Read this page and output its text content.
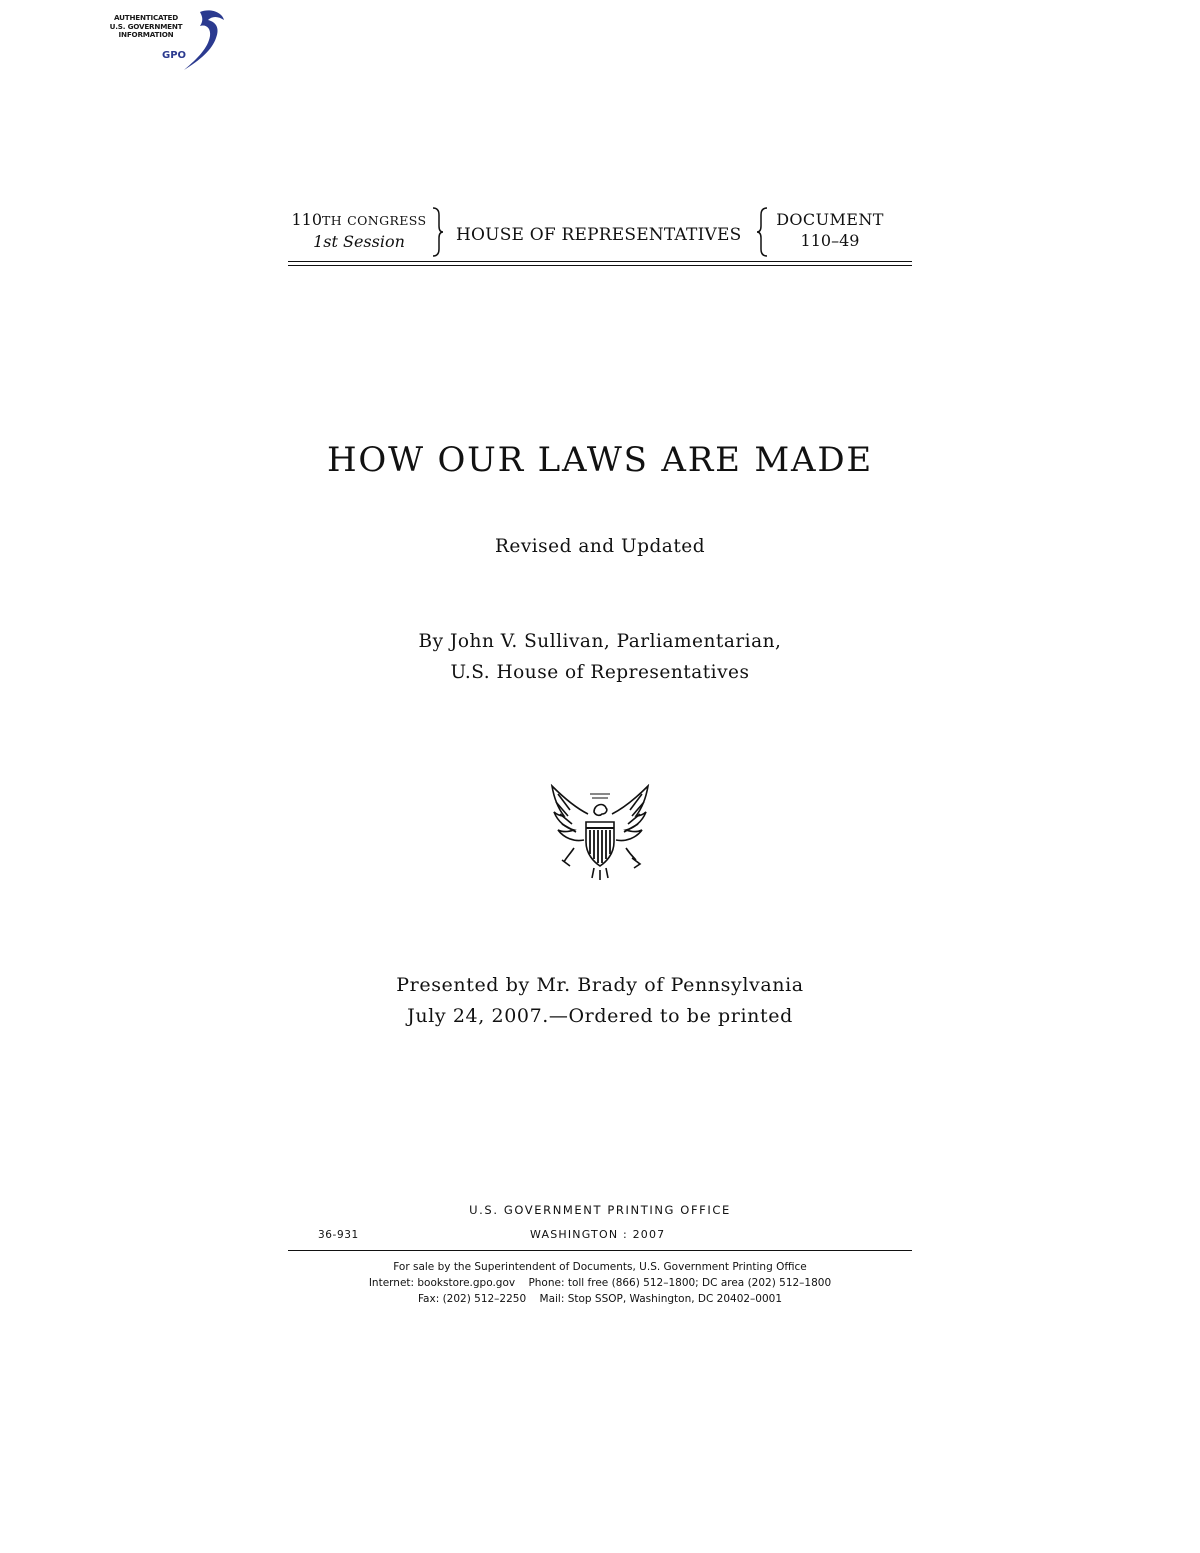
AUTHENTICATED
U.S. GOVERNMENT
INFORMATION
GPO
110TH CONGRESS
1st Session	HOUSE OF REPRESENTATIVES
DOCUMENT
110–49
HOW OUR LAWS ARE MADE
Revised and Updated
By John V. Sullivan, Parliamentarian,
U.S. House of Representatives
Presented by Mr. Brady of Pennsylvania
July 24, 2007.—Ordered to be printed
U.S. GOVERNMENT PRINTING OFFICE
36-931	WASHINGTON : 2007
For sale by the Superintendent of Documents, U.S. Government Printing Office
Internet: bookstore.gpo.gov    Phone: toll free (866) 512–1800; DC area (202) 512–1800
Fax: (202) 512–2250    Mail: Stop SSOP, Washington, DC 20402–0001
